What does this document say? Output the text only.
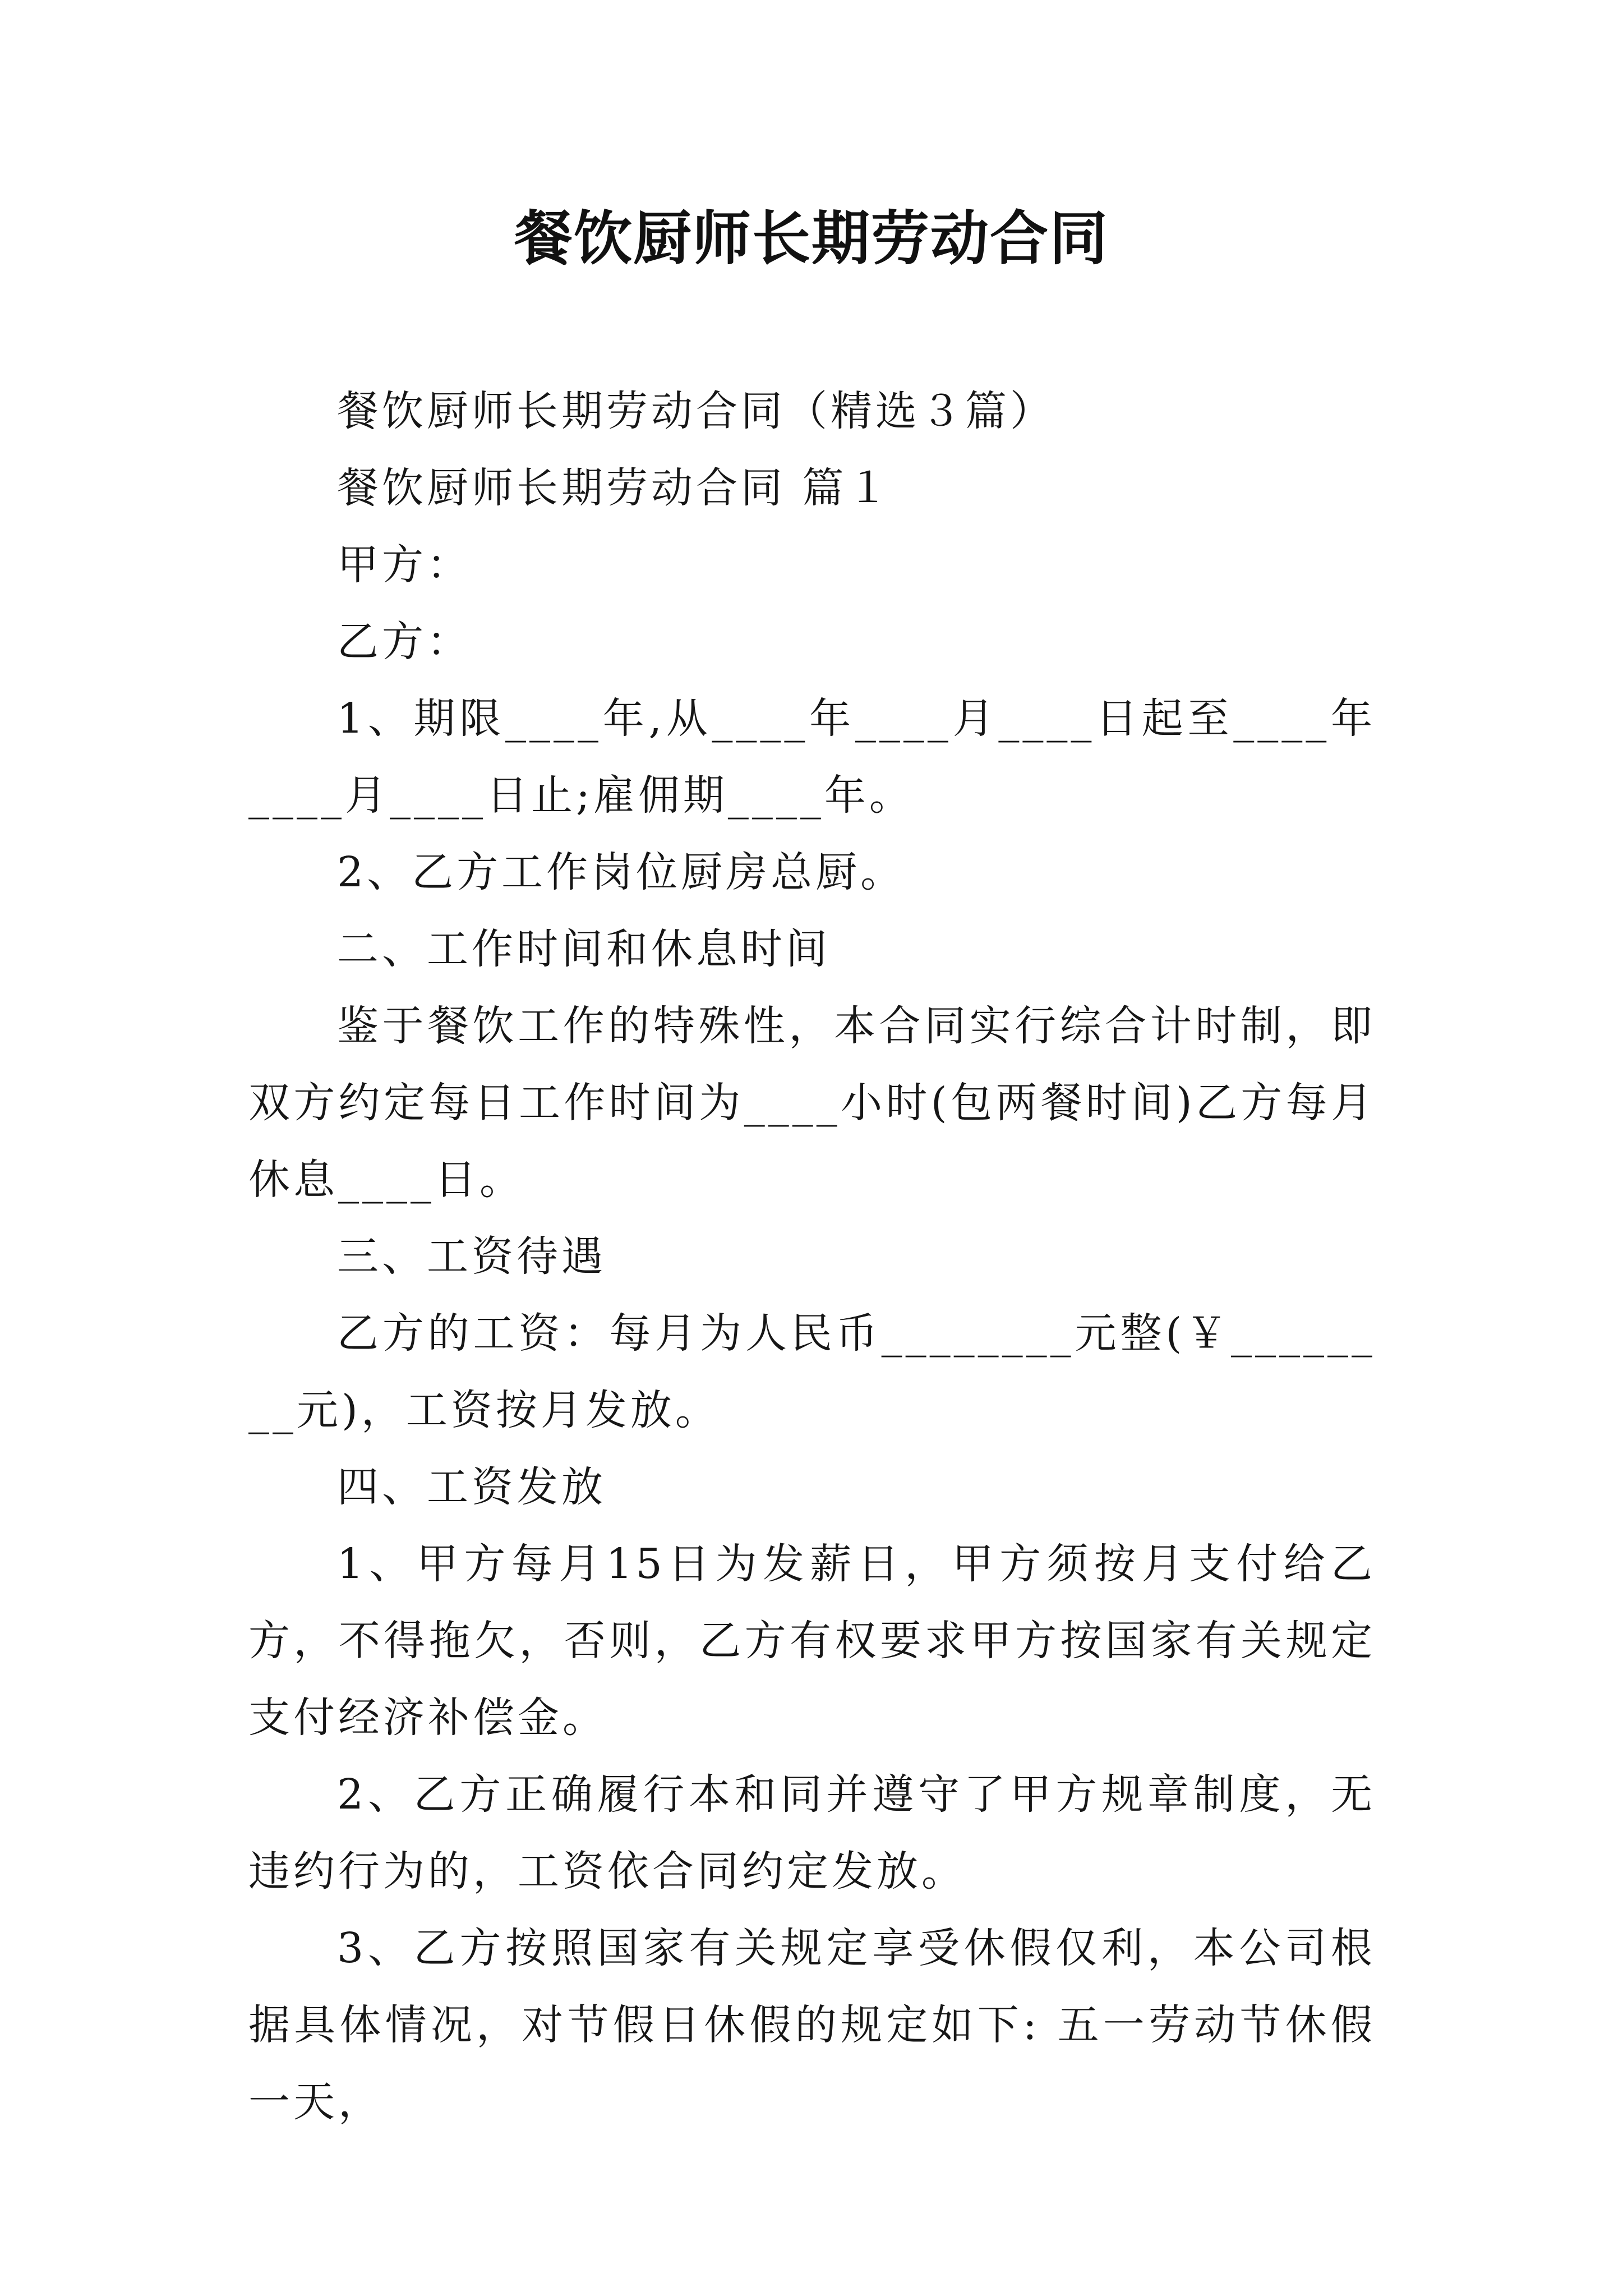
餐饮厨师长期劳动合同

餐饮厨师长期劳动合同（精选３篇）

餐饮厨师长期劳动合同 篇１

甲方：

乙方：

1、期限____年,从____年____月____日起至____年____月____日止;雇佣期____年。

2、乙方工作岗位厨房总厨。

二、工作时间和休息时间

鉴于餐饮工作的特殊性，本合同实行综合计时制，即双方约定每日工作时间为____小时(包两餐时间)乙方每月休息____日。

三、工资待遇

乙方的工资：每月为人民币________元整(￥________元)，工资按月发放。

四、工资发放

1、甲方每月15日为发薪日，甲方须按月支付给乙方，不得拖欠，否则，乙方有权要求甲方按国家有关规定支付经济补偿金。

2、乙方正确履行本和同并遵守了甲方规章制度，无违约行为的，工资依合同约定发放。

3、乙方按照国家有关规定享受休假仅利，本公司根据具体情况，对节假日休假的规定如下: 五一劳动节休假一天，
